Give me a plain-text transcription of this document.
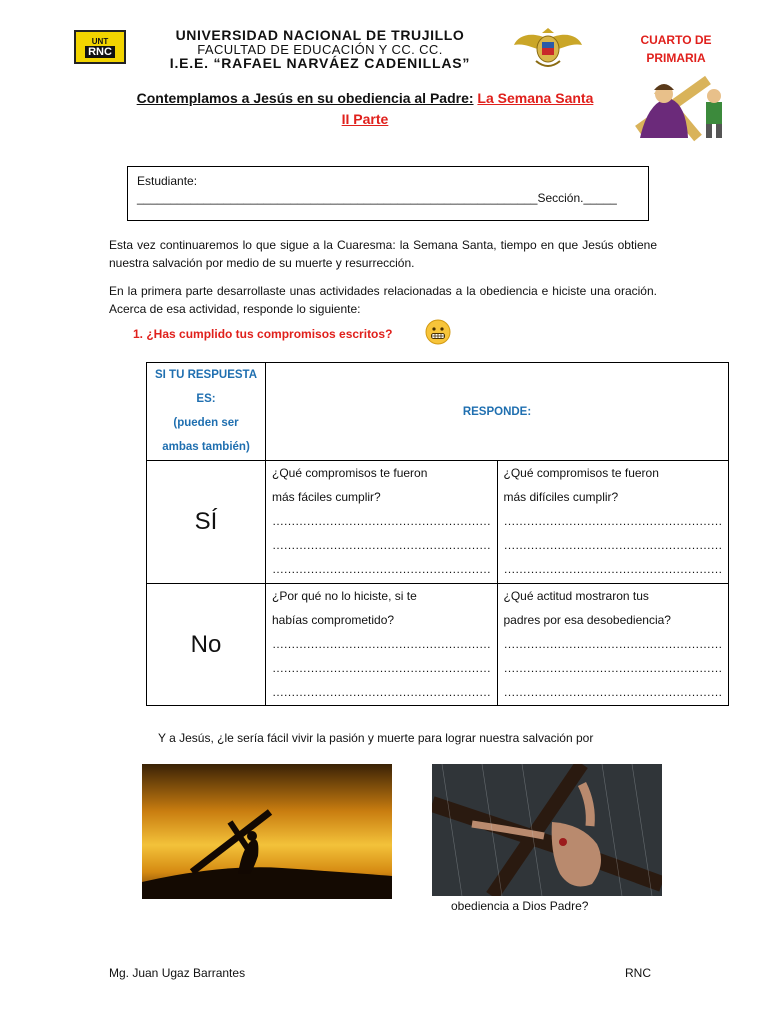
UNT
RNC
UNIVERSIDAD NACIONAL DE TRUJILLO
FACULTAD DE EDUCACIÓN Y CC. CC.
I.E.E. “RAFAEL NARVÁEZ CADENILLAS”
CUARTO DE
PRIMARIA
Contemplamos a Jesús en su obediencia al Padre: La Semana Santa
II Parte
Estudiante:
____________________________________________________________Sección._____
Esta vez continuaremos lo que sigue a la Cuaresma: la Semana Santa, tiempo en que Jesús obtiene nuestra salvación por medio de su muerte y resurrección.
En la primera parte desarrollaste unas actividades relacionadas a la obediencia e hiciste una oración. Acerca de esa actividad, responde lo siguiente:
1. ¿Has cumplido tus compromisos escritos?
SI TU RESPUESTA
ES:
(pueden ser
ambas también)	RESPONDE:	
SÍ	¿Qué compromisos te fueron
más fáciles cumplir?
…………………………………………………
…………………………………………………
…………………………………………………	¿Qué compromisos te fueron
más difíciles cumplir?
…………………………………………………
…………………………………………………
…………………………………………………

No	¿Por qué no lo hiciste, si te
habías comprometido?
…………………………………………………
…………………………………………………
…………………………………………………	¿Qué actitud mostraron tus
padres por esa desobediencia?
…………………………………………………
…………………………………………………
…………………………………………………
Y a Jesús, ¿le sería fácil vivir la pasión y muerte para lograr nuestra salvación por
obediencia a Dios Padre?
Mg. Juan Ugaz Barrantes	RNC
